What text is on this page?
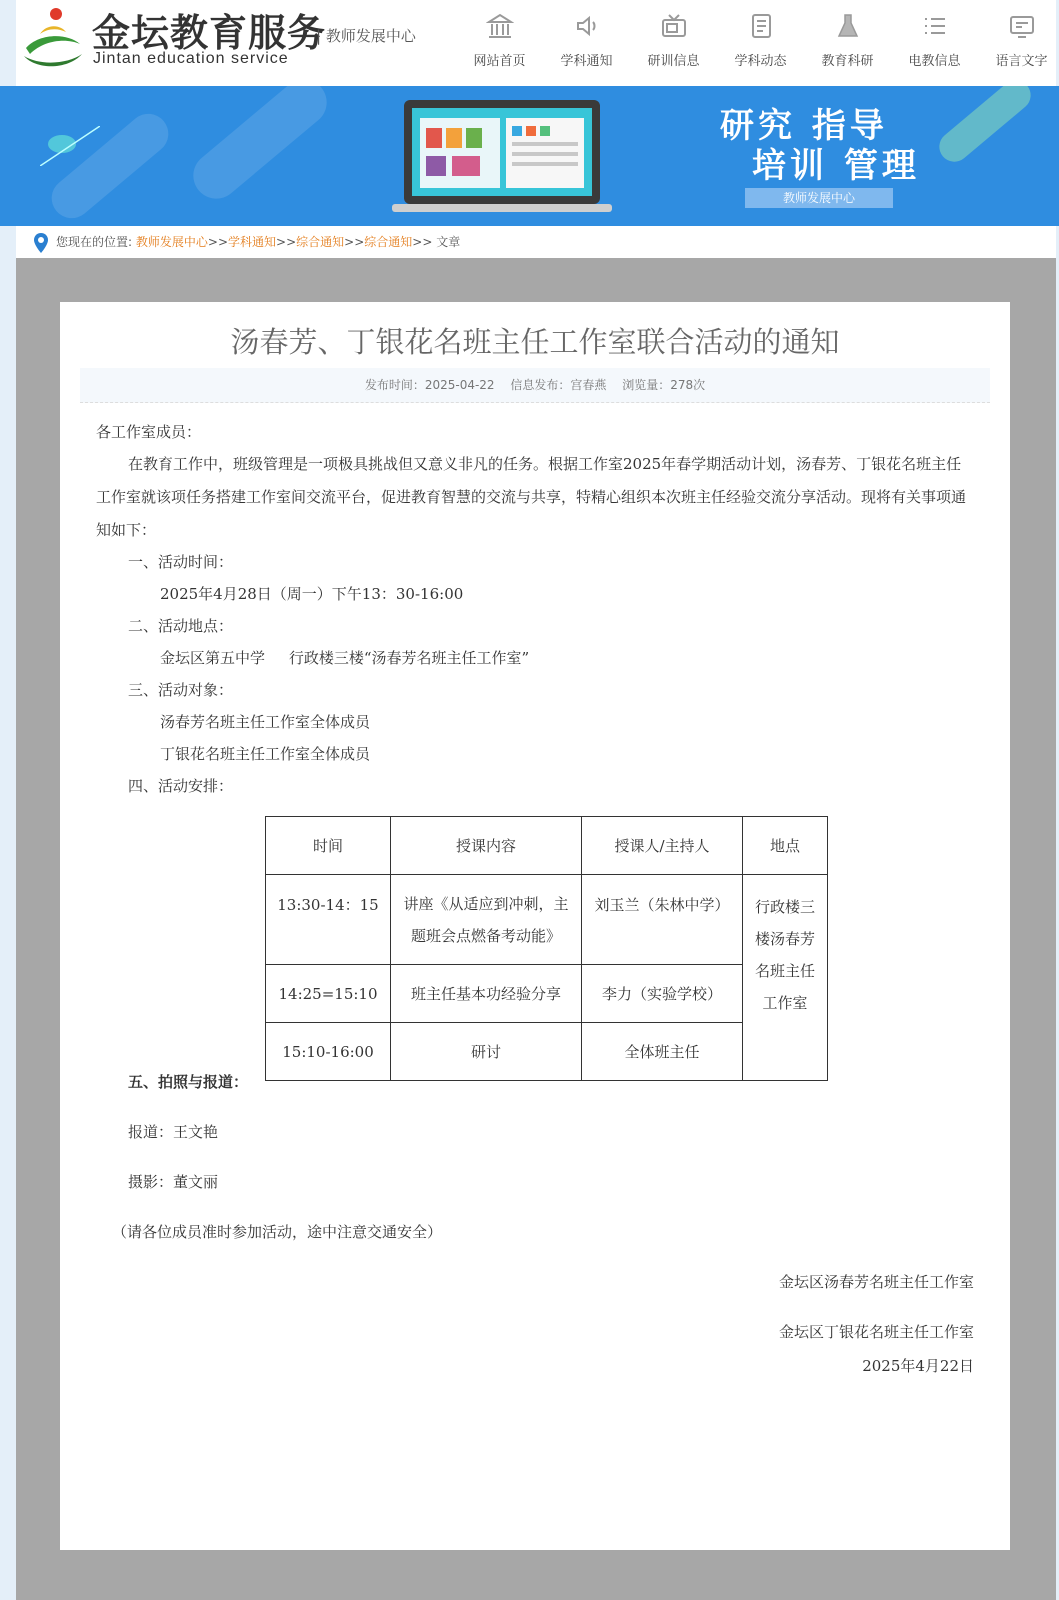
金坛教育服务
Jintan education service
| 教师发展中心
网站首页	学科通知	研训信息	学科动态	教育科研	电教信息	语言文字
研究 指导
培训 管理
教师发展中心
您现在的位置: 教师发展中心>>学科通知>>综合通知>>综合通知>> 文章
汤春芳、丁银花名班主任工作室联合活动的通知
发布时间：2025-04-22 信息发布：宫春燕 浏览量：278次
各工作室成员：
在教育工作中，班级管理是一项极具挑战但又意义非凡的任务。根据工作室2025年春学期活动计划，汤春芳、丁银花名班主任工作室就该项任务搭建工作室间交流平台，促进教育智慧的交流与共享，特精心组织本次班主任经验交流分享活动。现将有关事项通知如下：
一、活动时间：
2025年4月28日（周一）下午13：30-16:00
二、活动地点：
金坛区第五中学     行政楼三楼“汤春芳名班主任工作室”
三、活动对象：
汤春芳名班主任工作室全体成员
丁银花名班主任工作室全体成员
四、活动安排：
时间	授课内容	授课人/主持人	地点
13:30-14：15	讲座《从适应到冲刺，主题班会点燃备考动能》	刘玉兰（朱林中学）	行政楼三楼汤春芳名班主任工作室
14:25=15:10	班主任基本功经验分享	李力（实验学校）	
15:10-16:00	研讨	全体班主任	
五、拍照与报道：
报道：王文艳
摄影：董文丽
（请各位成员准时参加活动，途中注意交通安全）
金坛区汤春芳名班主任工作室
金坛区丁银花名班主任工作室
2025年4月22日
